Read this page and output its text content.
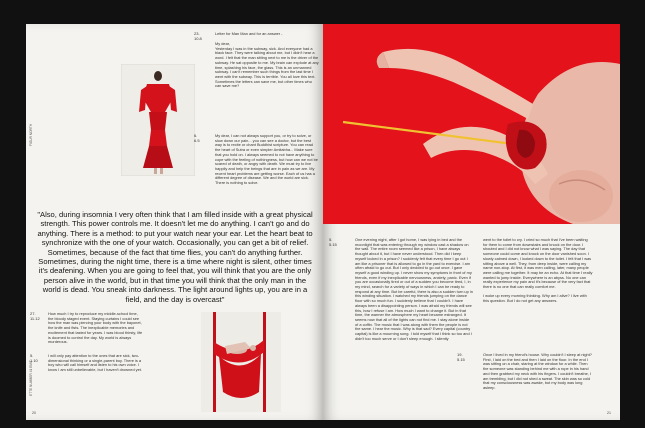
FIGUR NORTH
ETTE NUMBER 41 EMIT
23.
10.8

Letter for Man Man and for an answer -

My dear,
Yesterday I was in the subway, sick. And everyone had a black face. They were talking about me, but I didn't hear a word. I felt that the man sitting next to me is the driver of the subway. He sat opposite to me. My brain can explode at any time, splashing his face, the glass. This is an unmanned subway. I can't remember such things from the last time I went with the subway. This is terrible. You all love this text. Sometimes the letters can save me, but other times who can save me?

6.
6.5

My dear, I can not always support you, or try to solve, or slow down our pain... you can see a doctor, but the best way is to recite or chant Buddhist scripture. You can read the heart of Sutra or even simpler Amitabha... Make sure that you hold on. I always seemed to not have anything to cope with the feeling of nothingness, but how can we not be scared of death, or angry with death. We must try to live happily and help the beings that are in pain as we are. My recent heart problems are getting worse. Each of us has a different degree of disease. We and the world are sick. There is nothing to solve.

"Also, during insomnia I very often think that I am filled inside with a great physical strength. This power controls me. It doesn't let me do anything. I can't go and do anything. There is a method: to put your watch near your ear. Let the heart beat to synchronize with the one of your watch. Occasionally, you can get a bit of relief. Sometimes, because of the fact that time flies, you can't do anything further. Sometimes, during the night time, there is a time where night is silent, other times it's deafening. When you are going to feel that, you will think that you are the only person alive in the world, but in that time you will think that the only man in the world is dead. You sneak into darkness. The light around lights up, you are in a field, and the day is overcast"

27.
11.12

How much I try to reproduce my middle-school time, the bloody staged event. Staying curtains I could see how the man was piercing your body with the bayonet, the knife and fists. The inexplicable memories and excitement that lasted for years. I was blood thirsty, life is doomed to control the day. My world is always murderous.

5.
1.10

I will only pay attention to the ones that are sick, two-dimensional thinking or a single-parent boy. There is a boy who will call himself and listen to his own voice. I know I am still unbelievable, but I haven't drowned yet.

20
5.
5.15

One evening night, after I got home, I was lying in bed and the moonlight that was entering through my window cast a shadow on the wall. The entire room seemed like a prison, I have always thought about it, but I have never understood. Then did I keep myself locked in a prison? I suddenly felt that every time I go out I am like a prisoner that is allowed to go in the yard to exercise. I am often afraid to go out. But I only decided to go out once. I gave myself a good winding up. I never show my symptoms in front of my friends, even if my inexplicable nervousness, anxiety, panic. Even if you are occasionally tired or out of a sudden you become tired, I, in my mind, search for a variety of ways in which I can be ready to respond at any time. But be careful, there is also a sudden turn up in this winding situation. I watched my friends jumping on the dance floor with so much fun. I suddenly believe that I couldn't. I have always been a disappointing person. I was afraid my friends will see this, how I refuse I am. How much I want to change it. But in that time, the warmer the atmosphere my heart became estranged. It seems now that all of the lights can not find me. I stay alone inside of a coffin. The music that I was along with them the people is not the same. I hear the music. Why is that sad? Every capital (country capital) is like a mourning song. I told myself that I think so too and I didn't too much serve or I don't sleep enough. I silently

went to the toilet to cry. I cried so much that I've been waiting for them to come from downstairs and knock on the door. I shouted and I did not know what I was saying. The day that someone could come and knock on the door vanished soon. I slowly calmed down, I looked down to the toilet. I felt that I was sitting above a well. They, from deep inside, were calling my name non-stop. At first, it was men calling, later, many people were calling me together. It may be an echo. At that time I really wanted to jump inside. Everywhere is an abyss. No one can really experience my pain and it's because of the very fact that there is no one that can really comfort me.

I woke up every morning thinking. Why am I alive? I live with this question. But I do not get any answers.

19.
5.15

Once I lived in my friend's house. Why couldn't I sleep at night? First, I laid on the bed and then I laid on the floor. In the end I was sitting on a chair, staring at the window for a while. Then the someone was standing behind me with a rope in his hand and then grabbed my neck with his fingers. I couldn't breathe, I am trembling, but I did not shed a sweat. The skin was so cold that my consciousness was awake, but my body was long asleep.

21
